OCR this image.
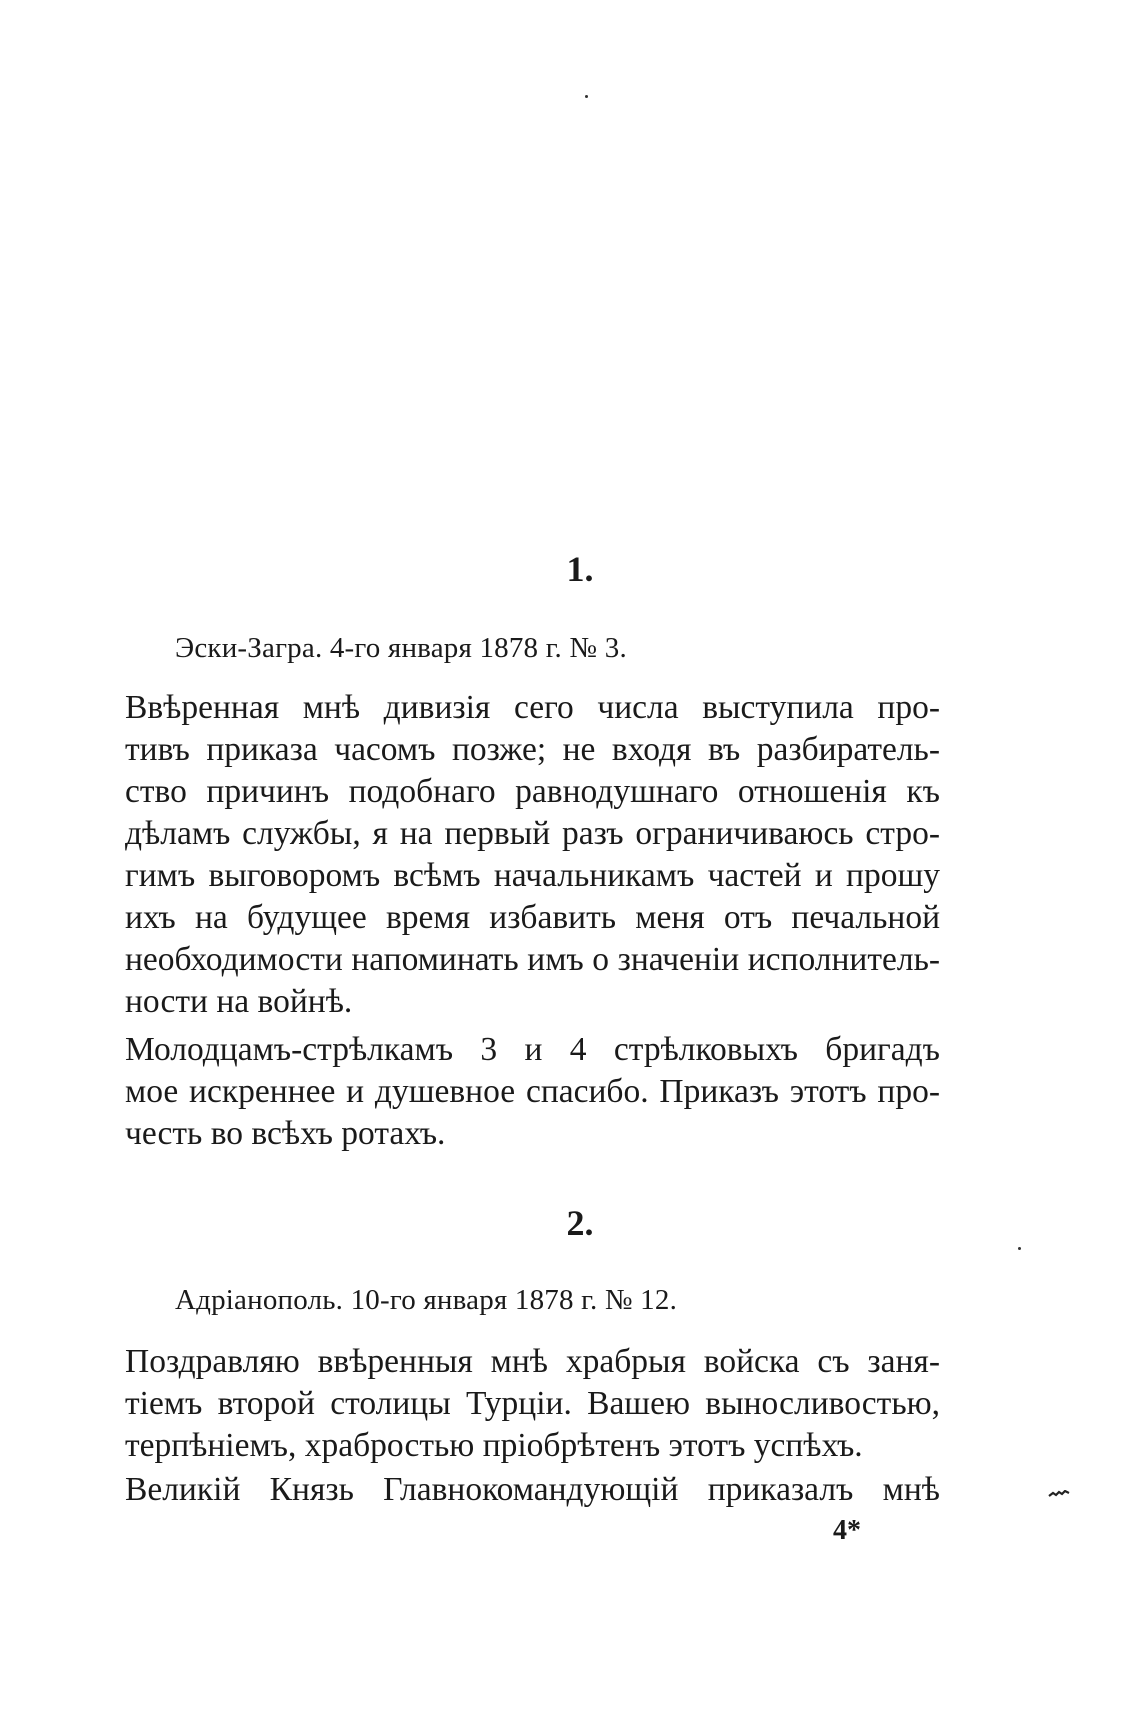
1.
Эски-Загра. 4-го января 1878 г. № 3.
Ввѣренная мнѣ дивизія сего числа выступила про-
тивъ приказа часомъ позже; не входя въ разбиратель-
ство причинъ подобнаго равнодушнаго отношенія къ
дѣламъ службы, я на первый разъ ограничиваюсь стро-
гимъ выговоромъ всѣмъ начальникамъ частей и прошу
ихъ на будущее время избавить меня отъ печальной
необходимости напоминать имъ о значеніи исполнитель-
ности на войнѣ.
Молодцамъ-стрѣлкамъ 3 и 4 стрѣлковыхъ бригадъ
мое искреннее и душевное спасибо. Приказъ этотъ про-
честь во всѣхъ ротахъ.
2.
Адріанополь. 10-го января 1878 г. № 12.
Поздравляю ввѣренныя мнѣ храбрыя войска съ заня-
тіемъ второй столицы Турціи. Вашею выносливостью,
терпѣніемъ, храбростью пріобрѣтенъ этотъ успѣхъ.
Великій Князь Главнокомандующій приказалъ мнѣ
4*
